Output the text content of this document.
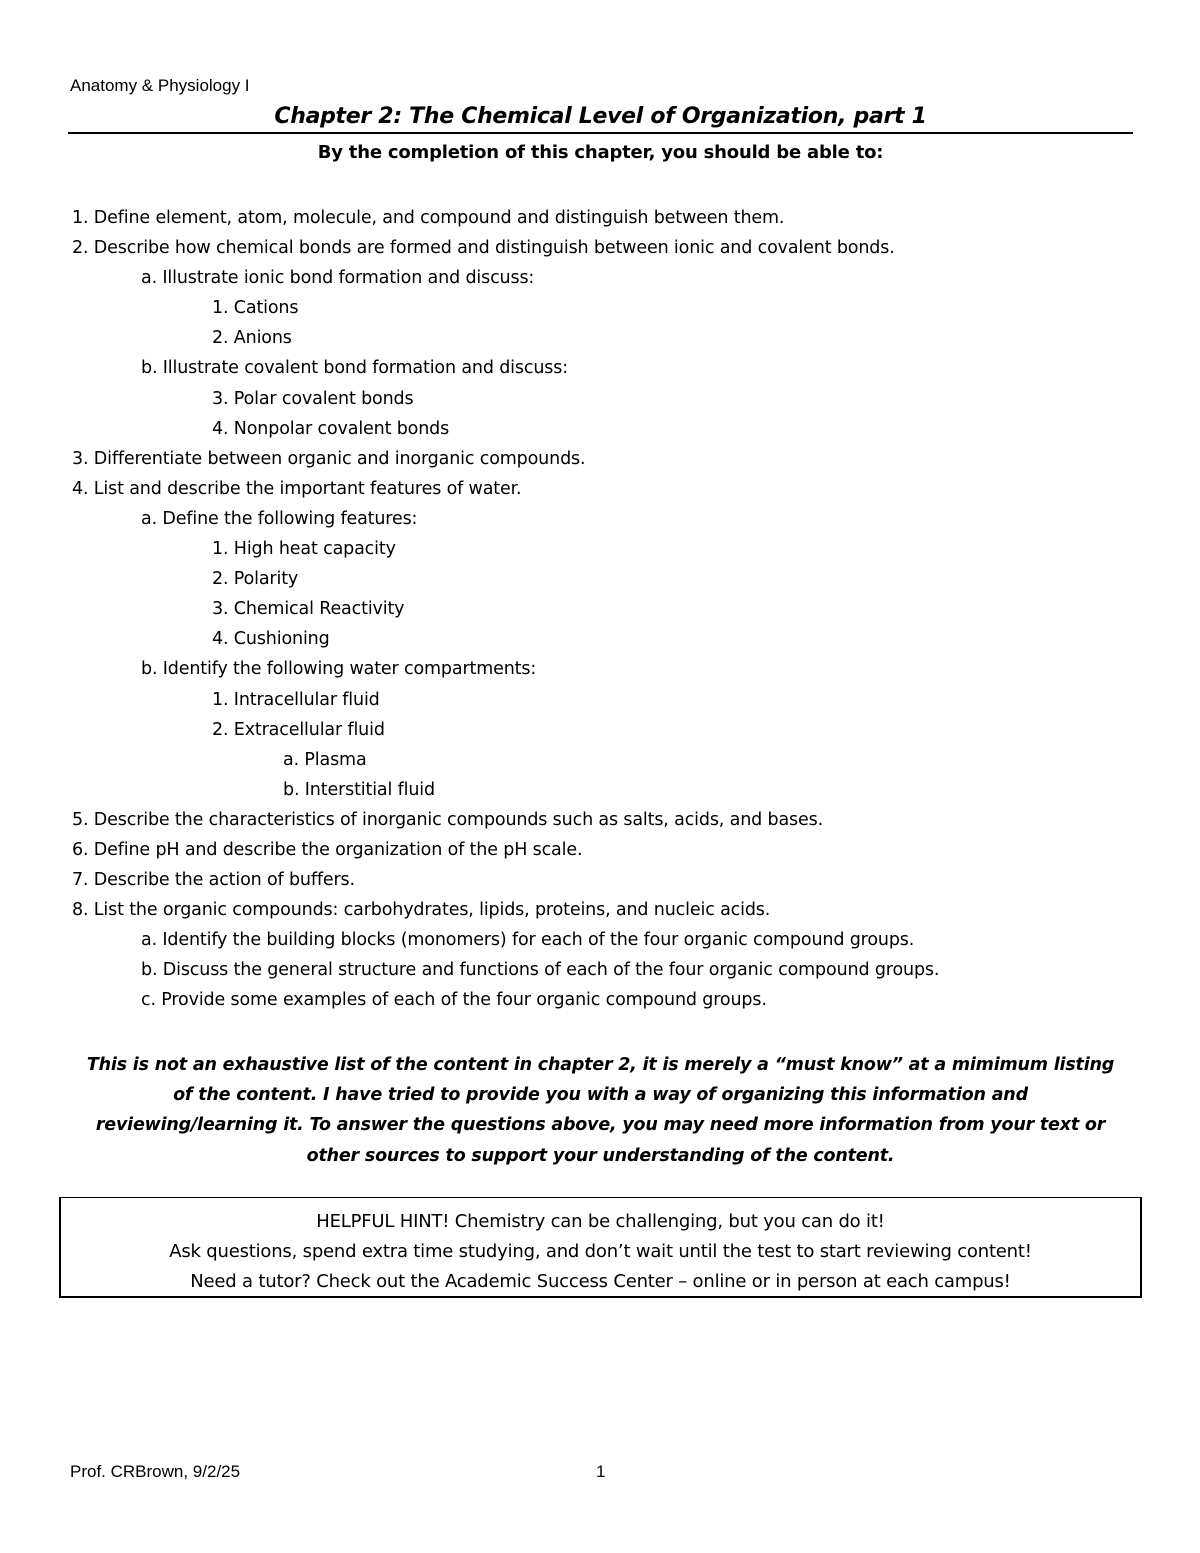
Anatomy & Physiology I
Chapter 2: The Chemical Level of Organization, part 1
By the completion of this chapter, you should be able to:
1. Define element, atom, molecule, and compound and distinguish between them.
2. Describe how chemical bonds are formed and distinguish between ionic and covalent bonds.
a. Illustrate ionic bond formation and discuss:
1. Cations
2. Anions
b. Illustrate covalent bond formation and discuss:
3. Polar covalent bonds
4. Nonpolar covalent bonds
3. Differentiate between organic and inorganic compounds.
4. List and describe the important features of water.
a. Define the following features:
1. High heat capacity
2. Polarity
3. Chemical Reactivity
4. Cushioning
b. Identify the following water compartments:
1. Intracellular fluid
2. Extracellular fluid
a. Plasma
b. Interstitial fluid
5. Describe the characteristics of inorganic compounds such as salts, acids, and bases.
6. Define pH and describe the organization of the pH scale.
7. Describe the action of buffers.
8. List the organic compounds: carbohydrates, lipids, proteins, and nucleic acids.
a. Identify the building blocks (monomers) for each of the four organic compound groups.
b. Discuss the general structure and functions of each of the four organic compound groups.
c. Provide some examples of each of the four organic compound groups.
This is not an exhaustive list of the content in chapter 2, it is merely a “must know” at a mimimum listing
of the content. I have tried to provide you with a way of organizing this information and
reviewing/learning it. To answer the questions above, you may need more information from your text or
other sources to support your understanding of the content.
HELPFUL HINT! Chemistry can be challenging, but you can do it!
Ask questions, spend extra time studying, and don’t wait until the test to start reviewing content!
Need a tutor? Check out the Academic Success Center – online or in person at each campus!
Prof. CRBrown, 9/2/25	1
